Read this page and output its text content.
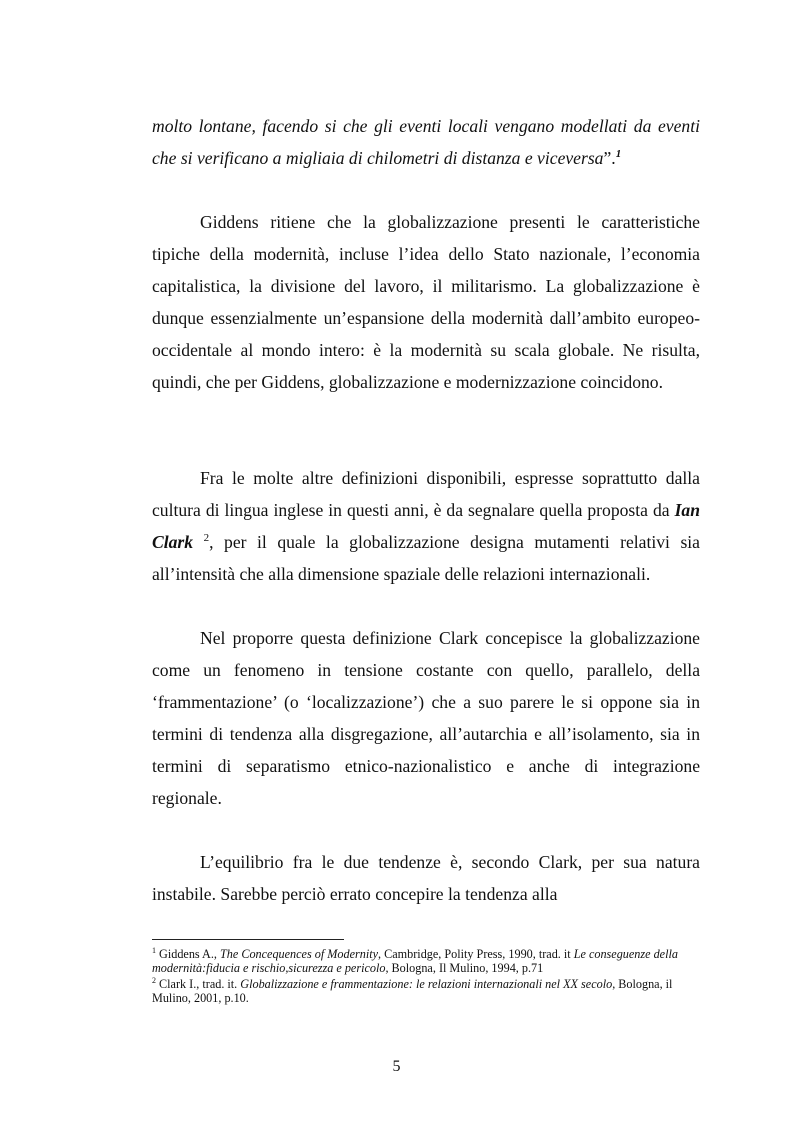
molto lontane, facendo si che gli eventi locali vengano modellati da eventi che si verificano a migliaia di chilometri di distanza e viceversa”.$^1$

Giddens ritiene che la globalizzazione presenti le caratteristiche tipiche della modernità, incluse l’idea dello Stato nazionale, l’economia capitalistica, la divisione del lavoro, il militarismo. La globalizzazione è dunque essenzialmente un’espansione della modernità dall’ambito europeo-occidentale al mondo intero: è la modernità su scala globale. Ne risulta, quindi, che per Giddens, globalizzazione e modernizzazione coincidono.

Fra le molte altre definizioni disponibili, espresse soprattutto dalla cultura di lingua inglese in questi anni, è da segnalare quella proposta da Ian Clark $^2$, per il quale la globalizzazione designa mutamenti relativi sia all’intensità che alla dimensione spaziale delle relazioni internazionali.

Nel proporre questa definizione Clark concepisce la globalizzazione come un fenomeno in tensione costante con quello, parallelo, della ‘frammentazione’ (o ‘localizzazione’) che a suo parere le si oppone sia in termini di tendenza alla disgregazione, all’autarchia e all’isolamento, sia in termini di separatismo etnico-nazionalistico e anche di integrazione regionale.

L’equilibrio fra le due tendenze è, secondo Clark, per sua natura instabile. Sarebbe perciò errato concepire la tendenza alla

$^1$ Giddens A., The Concequences of Modernity, Cambridge, Polity Press, 1990, trad. it Le conseguenze della modernità:fiducia e rischio,sicurezza e pericolo, Bologna, Il Mulino, 1994, p.71

$^2$ Clark I., trad. it. Globalizzazione e frammentazione: le relazioni internazionali nel XX secolo, Bologna, il Mulino, 2001, p.10.

5
